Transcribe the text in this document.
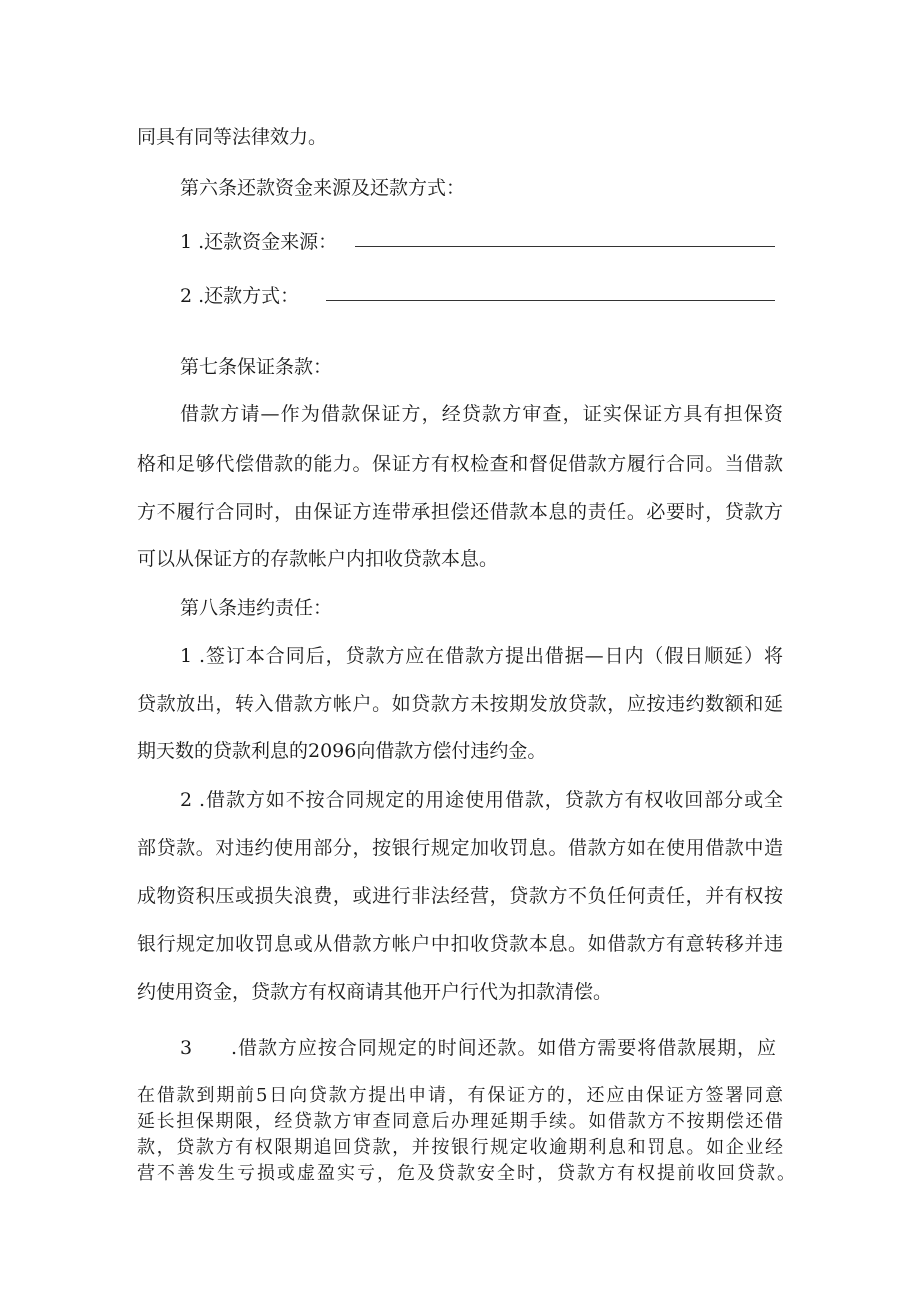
同具有同等法律效力。
第六条还款资金来源及还款方式：
1 .还款资金来源：
2 .还款方式：
第七条保证条款：
借款方请—作为借款保证方，经贷款方审查，证实保证方具有担保资
格和足够代偿借款的能力。保证方有权检查和督促借款方履行合同。当借款
方不履行合同时，由保证方连带承担偿还借款本息的责任。必要时，贷款方
可以从保证方的存款帐户内扣收贷款本息。
第八条违约责任：
1 .签订本合同后，贷款方应在借款方提出借据—日内（假日顺延）将
贷款放出，转入借款方帐户。如贷款方未按期发放贷款，应按违约数额和延
期天数的贷款利息的2096向借款方偿付违约金。
2 .借款方如不按合同规定的用途使用借款，贷款方有权收回部分或全
部贷款。对违约使用部分，按银行规定加收罚息。借款方如在使用借款中造
成物资积压或损失浪费，或进行非法经营，贷款方不负任何责任，并有权按
银行规定加收罚息或从借款方帐户中扣收贷款本息。如借款方有意转移并违
约使用资金，贷款方有权商请其他开户行代为扣款清偿。
3 .借款方应按合同规定的时间还款。如借方需要将借款展期，应
在借款到期前5日向贷款方提出申请，有保证方的，还应由保证方签署同意
延长担保期限，经贷款方审查同意后办理延期手续。如借款方不按期偿还借
款，贷款方有权限期追回贷款，并按银行规定收逾期利息和罚息。如企业经
营不善发生亏损或虚盈实亏，危及贷款安全时，贷款方有权提前收回贷款。
